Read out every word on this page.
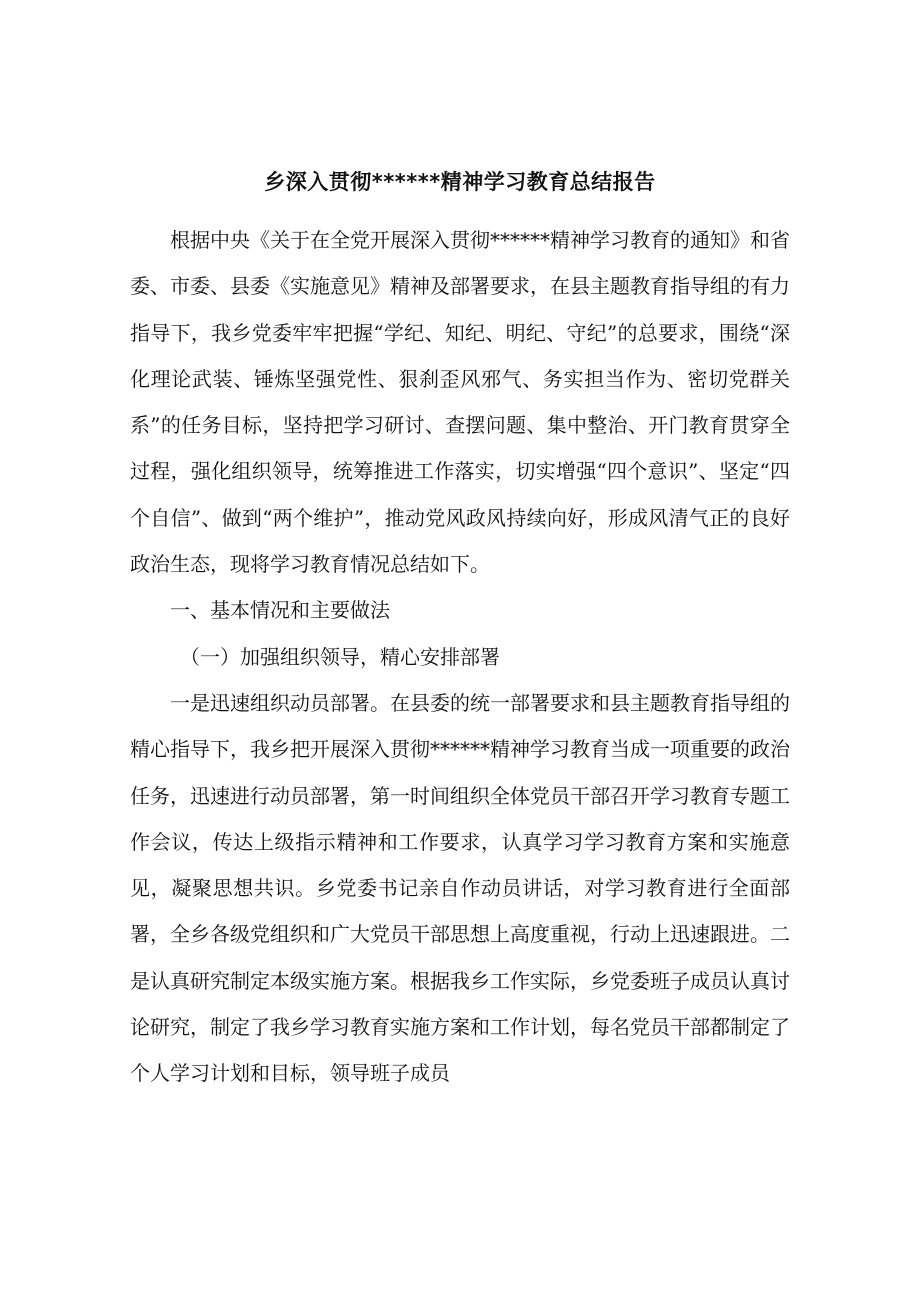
乡深入贯彻******精神学习教育总结报告

根据中央《关于在全党开展深入贯彻******精神学习教育的通知》和省委、市委、县委《实施意见》精神及部署要求，在县主题教育指导组的有力指导下，我乡党委牢牢把握“学纪、知纪、明纪、守纪”的总要求，围绕“深化理论武装、锤炼坚强党性、狠刹歪风邪气、务实担当作为、密切党群关系”的任务目标，坚持把学习研讨、查摆问题、集中整治、开门教育贯穿全过程，强化组织领导，统筹推进工作落实，切实增强“四个意识”、坚定“四个自信”、做到“两个维护”，推动党风政风持续向好，形成风清气正的良好政治生态，现将学习教育情况总结如下。

一、基本情况和主要做法

（一）加强组织领导，精心安排部署

一是迅速组织动员部署。在县委的统一部署要求和县主题教育指导组的精心指导下，我乡把开展深入贯彻******精神学习教育当成一项重要的政治任务，迅速进行动员部署，第一时间组织全体党员干部召开学习教育专题工作会议，传达上级指示精神和工作要求，认真学习学习教育方案和实施意见，凝聚思想共识。乡党委书记亲自作动员讲话，对学习教育进行全面部署，全乡各级党组织和广大党员干部思想上高度重视，行动上迅速跟进。二是认真研究制定本级实施方案。根据我乡工作实际，乡党委班子成员认真讨论研究，制定了我乡学习教育实施方案和工作计划，每名党员干部都制定了个人学习计划和目标，领导班子成员
